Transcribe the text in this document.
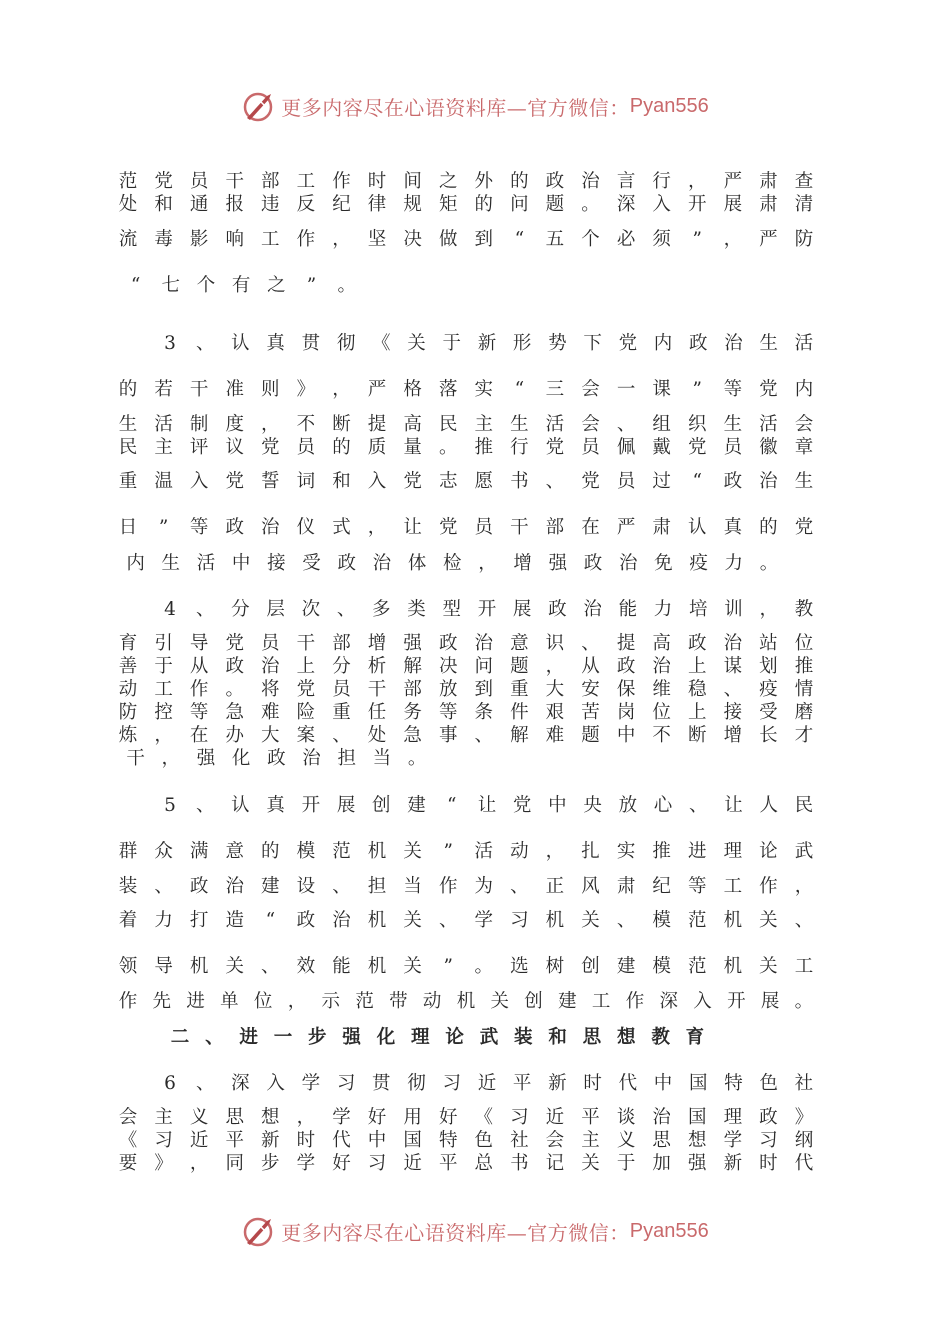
更多内容尽在心语资料库—官方微信： Pyan556
范 党 员 干 部 工 作 时 间 之 外 的 政 治 言 行 ， 严 肃 查
处 和 通 报 违 反 纪 律 规 矩 的 问 题 。 深 入 开 展 肃 清
流 毒 影 响 工 作 ， 坚 决 做 到 “ 五 个 必 须 ” ， 严 防
“	七 个 有 之	”	。
3 、 认 真 贯 彻 《 关 于 新 形 势 下 党 内 政 治 生 活
的 若 干 准 则 》 ， 严 格 落 实 “ 三 会 一 课 ” 等 党 内
生 活 制 度 ， 不 断 提 高 民 主 生 活 会 、 组 织 生 活 会
民 主 评 议 党 员 的 质 量 。 推 行 党 员 佩 戴 党 员 徽 章
重 温 入 党 誓 词 和 入 党 志 愿 书 、 党 员 过 “ 政 治 生
日 ” 等 政 治 仪 式 ， 让 党 员 干 部 在 严 肃 认 真 的 党
内 生 活 中 接 受 政 治 体 检 ， 增 强 政 治 免 疫 力 。
4 、 分 层 次 、 多 类 型 开 展 政 治 能 力 培 训 ， 教
育 引 导 党 员 干 部 增 强 政 治 意 识 、 提 高 政 治 站 位
善 于 从 政 治 上 分 析 解 决 问 题 ， 从 政 治 上 谋 划 推
动 工 作 。 将 党 员 干 部 放 到 重 大 安 保 维 稳 、 疫 情
防 控 等 急 难 险 重 任 务 等 条 件 艰 苦 岗 位 上 接 受 磨
炼 ， 在 办 大 案 、 处 急 事 、 解 难 题 中 不 断 增 长 才
干 ， 强 化 政 治 担 当 。
5 、 认 真 开 展 创 建 “ 让 党 中 央 放 心 、 让 人 民
群 众 满 意 的 模 范 机 关 ” 活 动 ， 扎 实 推 进 理 论 武
装 、 政 治 建 设 、 担 当 作 为 、 正 风 肃 纪 等 工 作 ，
着 力 打 造 “ 政 治 机 关 、 学 习 机 关 、 模 范 机 关 、
领 导 机 关 、 效 能 机 关 ” 。 选 树 创 建 模 范 机 关 工
作 先 进 单 位 ， 示 范 带 动 机 关 创 建 工 作 深 入 开 展 。
二 、 进 一 步 强 化 理 论 武 装 和 思 想 教 育
6 、 深 入 学 习 贯 彻 习 近 平 新 时 代 中 国 特 色 社
会 主 义 思 想 ， 学 好 用 好 《 习 近 平 谈 治 国 理 政 》
《 习 近 平 新 时 代 中 国 特 色 社 会 主 义 思 想 学 习 纲
要 》 ， 同 步 学 好 习 近 平 总 书 记 关 于 加 强 新 时 代
更多内容尽在心语资料库—官方微信： Pyan556
